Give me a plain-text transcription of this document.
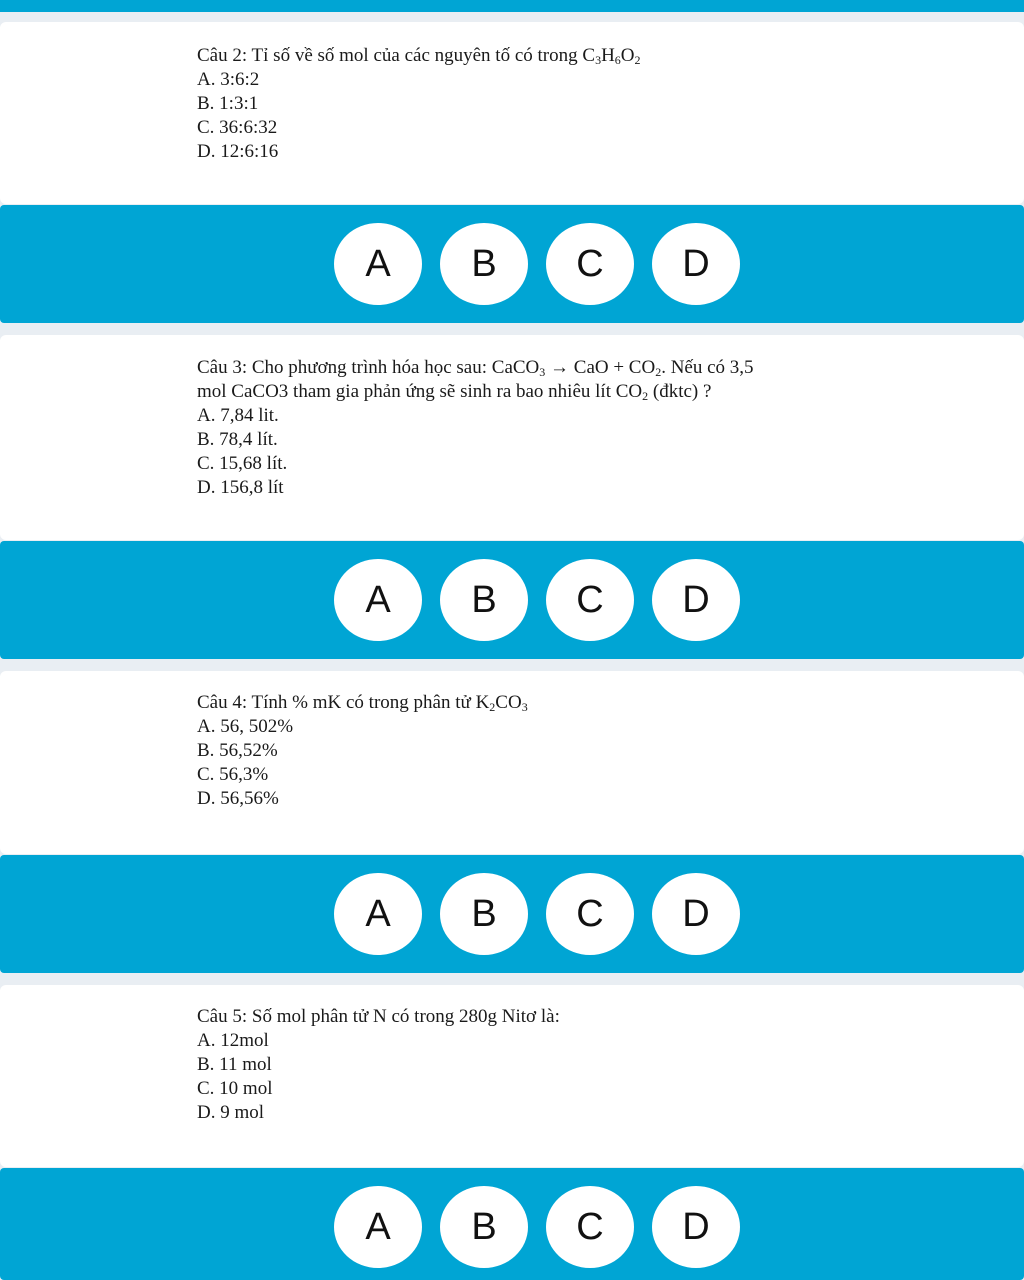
Câu 2: Tỉ số về số mol của các nguyên tố có trong $C_3H_6O_2$
A. 3:6:2
B. 1:3:1
C. 36:6:32
D. 12:6:16
A	B	C	D
Câu 3: Cho phương trình hóa học sau: CaCO$_3$ → CaO + $CO_2$. Nếu có 3,5
mol CaCO3 tham gia phản ứng sẽ sinh ra bao nhiêu lít $CO_2$ (đktc) ?
A. 7,84 lit.
B. 78,4 lít.
C. 15,68 lít.
D. 156,8 lít
A	B	C	D
Câu 4: Tính % mK có trong phân tử $K_2CO_3$
A. 56, 502%
B. 56,52%
C. 56,3%
D. 56,56%
A	B	C	D
Câu 5: Số mol phân tử N có trong 280g Nitơ là:
A. 12mol
B. 11 mol
C. 10 mol
D. 9 mol
A	B	C	D
